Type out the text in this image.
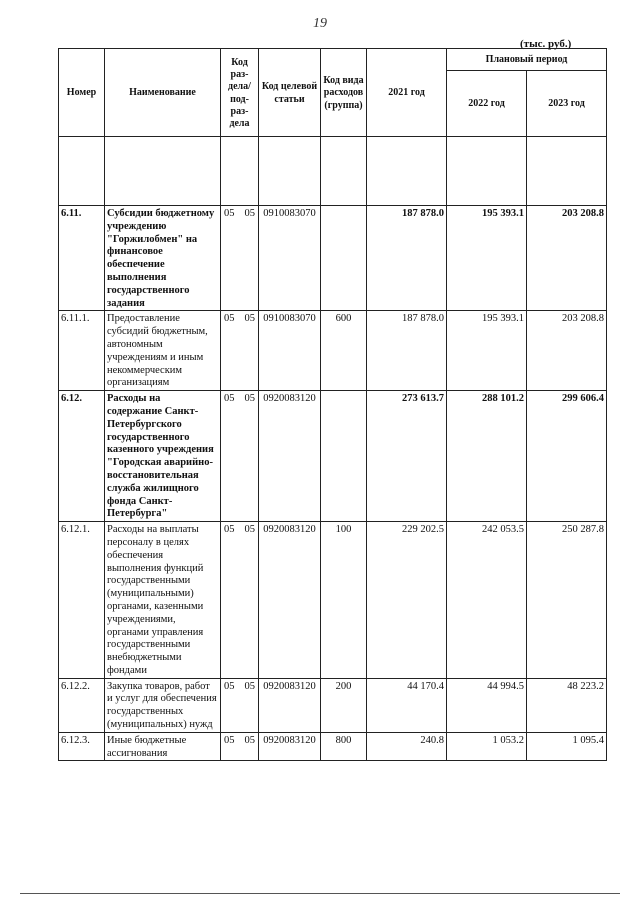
19
(тыс. руб.)
Номер	Наименование	Код раз- дела/ под- раз- дела	Код целевой статьи	Код вида расходов (группа)	2021 год	Плановый период	
						2022 год	2023 год

6.11.	Субсидии бюджетному учреждению "Горжилобмен" на финансовое обеспечение выполнения государственного задания	05 05	0910083070		187 878.0	195 393.1	203 208.8
6.11.1.	Предоставление субсидий бюджетным, автономным учреждениям и иным некоммерческим организациям	05 05	0910083070	600	187 878.0	195 393.1	203 208.8
6.12.	Расходы на содержание Санкт-Петербургского государственного казенного учреждения "Городская аварийно-восстановительная служба жилищного фонда Санкт-Петербурга"	05 05	0920083120		273 613.7	288 101.2	299 606.4
6.12.1.	Расходы на выплаты персоналу в целях обеспечения выполнения функций государственными (муниципальными) органами, казенными учреждениями, органами управления государственными внебюджетными фондами	05 05	0920083120	100	229 202.5	242 053.5	250 287.8
6.12.2.	Закупка товаров, работ и услуг для обеспечения государственных (муниципальных) нужд	05 05	0920083120	200	44 170.4	44 994.5	48 223.2
6.12.3.	Иные бюджетные ассигнования	05 05	0920083120	800	240.8	1 053.2	1 095.4
